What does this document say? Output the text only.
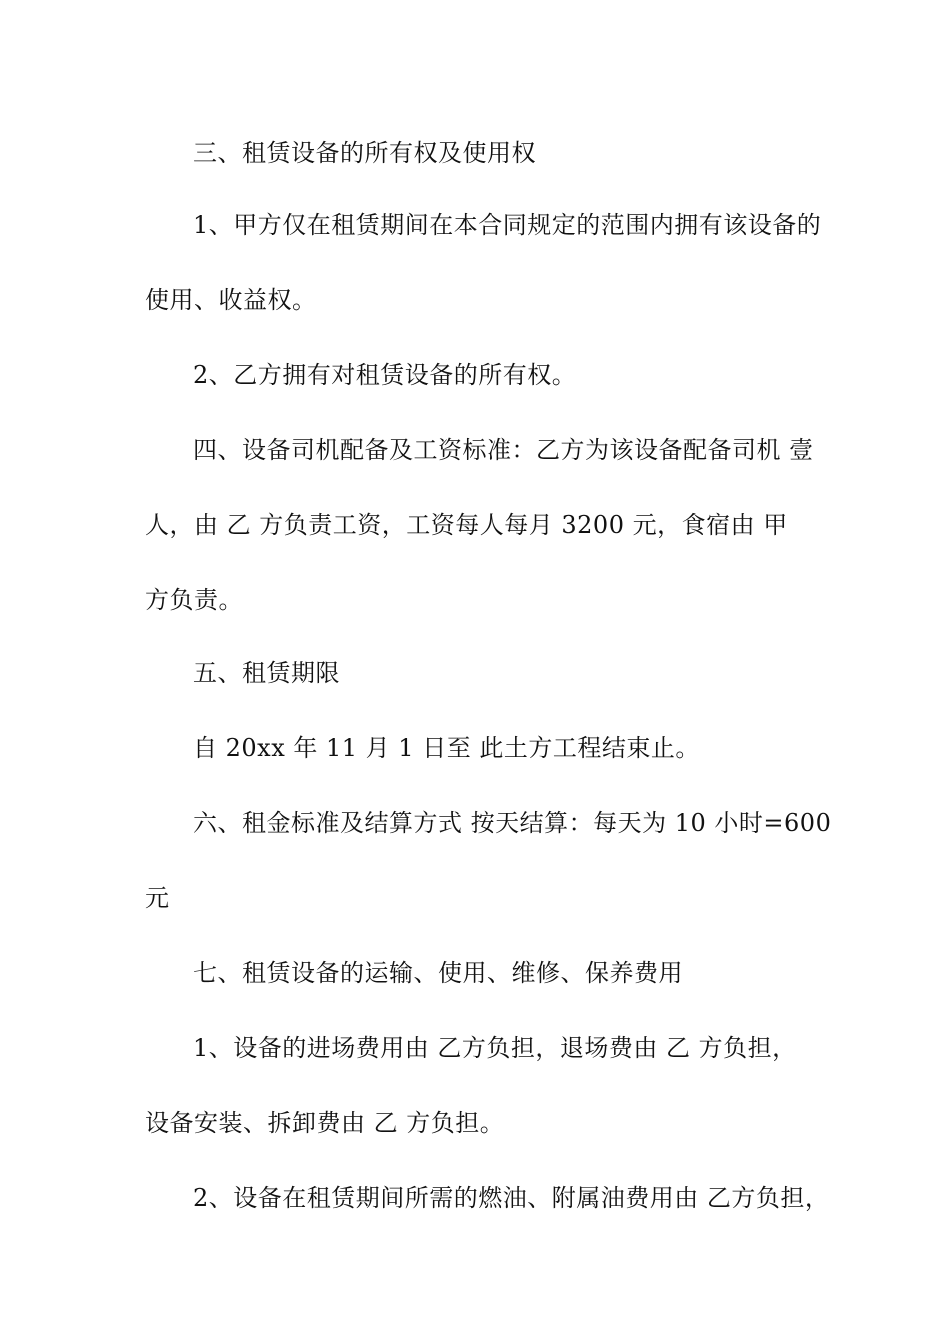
三、租赁设备的所有权及使用权
1、甲方仅在租赁期间在本合同规定的范围内拥有该设备的
使用、收益权。
2、乙方拥有对租赁设备的所有权。
四、设备司机配备及工资标准：乙方为该设备配备司机 壹
人，由 乙 方负责工资，工资每人每月 3200 元，食宿由 甲
方负责。
五、租赁期限
自 20xx 年 11 月 1 日至 此土方工程结束止。
六、租金标准及结算方式 按天结算：每天为 10 小时=600
元
七、租赁设备的运输、使用、维修、保养费用
1、设备的进场费用由 乙方负担，退场费由 乙 方负担，
设备安装、拆卸费由 乙 方负担。
2、设备在租赁期间所需的燃油、附属油费用由 乙方负担，
